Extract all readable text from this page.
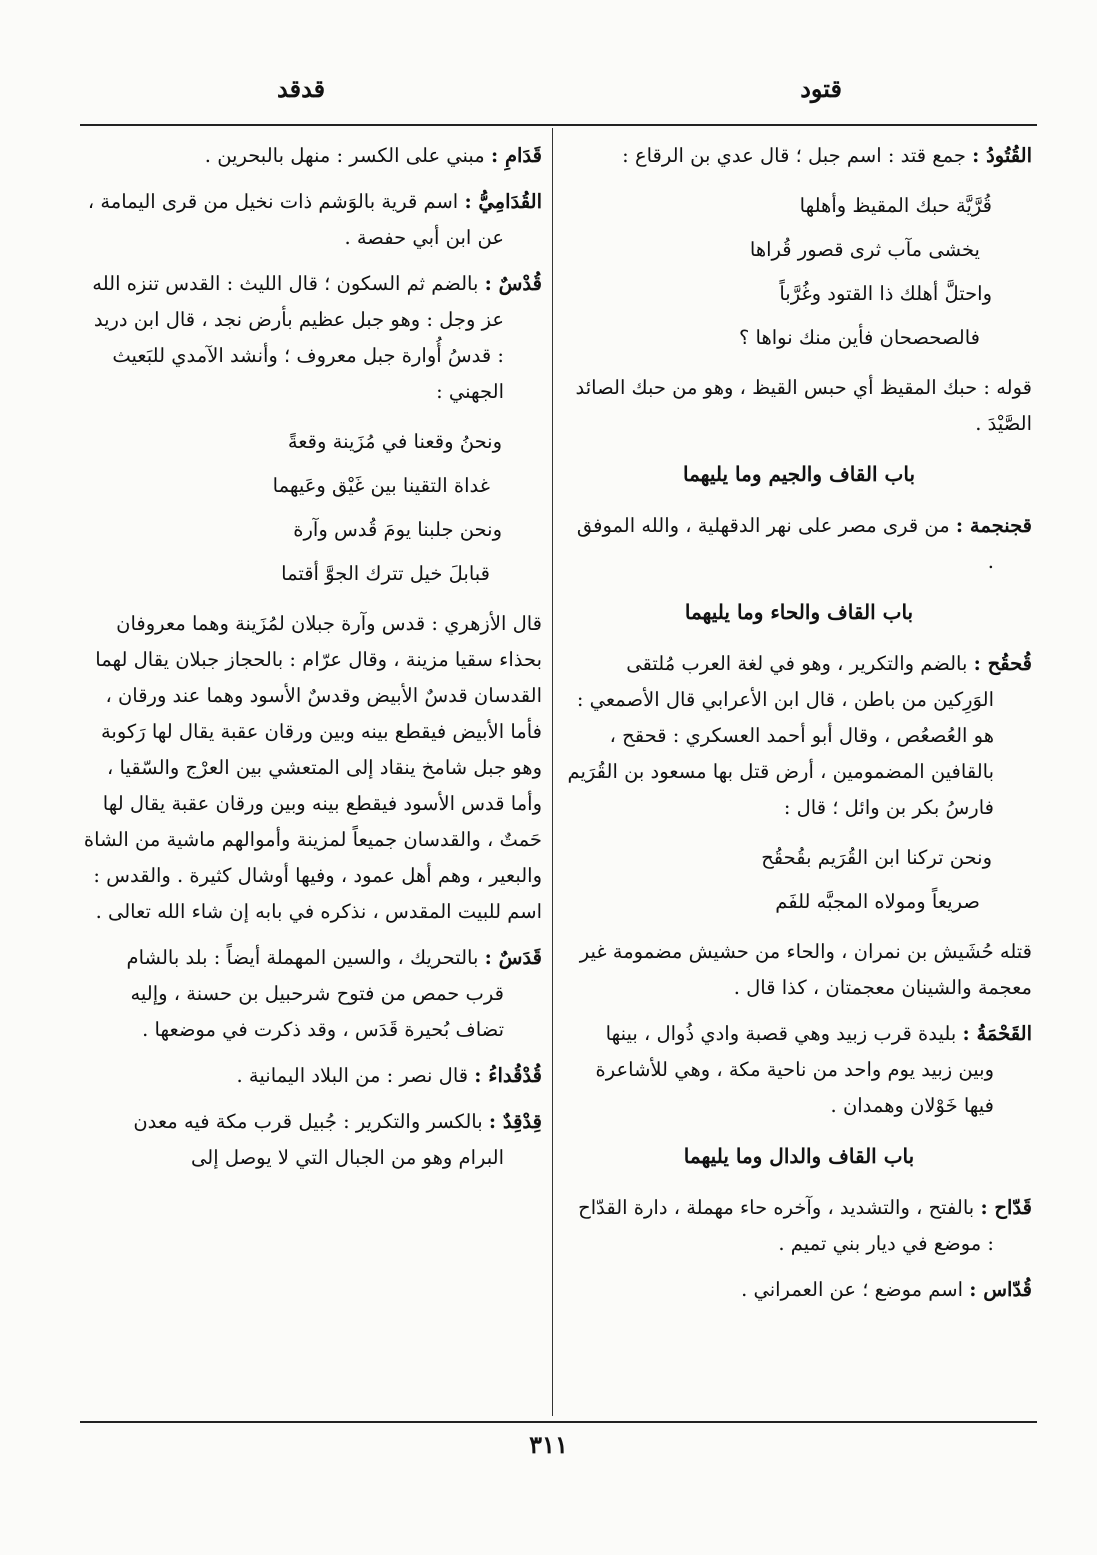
قتود
قدقد

القُتُودُ : جمع قتد : اسم جبل ؛ قال عدي بن الرقاع :

قُرَّيَّة حبك المقيظ وأهلها
يخشى مآب ثرى قصور قُراها
واحتلَّ أهلك ذا القتود وغُرَّباً
فالصحصحان فأين منك نواها ؟

قوله : حبك المقيظ أي حبس القيظ ، وهو من حبك الصائد الصَّيْدَ .

باب القاف والجيم وما يليهما

قجنجمة : من قرى مصر على نهر الدقهلية ، والله الموفق .

باب القاف والحاء وما يليهما

قُحقُح : بالضم والتكرير ، وهو في لغة العرب مُلتقى الوَرِكين من باطن ، قال ابن الأعرابي قال الأصمعي : هو العُصعُص ، وقال أبو أحمد العسكري : قحقح ، بالقافين المضمومين ، أرض قتل بها مسعود بن القُرَيم فارسُ بكر بن وائل ؛ قال :

ونحن تركنا ابن القُرَيم بقُحقُح
صريعاً ومولاه المجبَّه للفَم

قتله حُشَيش بن نمران ، والحاء من حشيش مضمومة غير معجمة والشينان معجمتان ، كذا قال .

القَحْمَةُ : بليدة قرب زبيد وهي قصبة وادي ذُوال ، بينها وبين زبيد يوم واحد من ناحية مكة ، وهي للأشاعرة فيها خَوْلان وهمدان .

باب القاف والدال وما يليهما

قَدّاح : بالفتح ، والتشديد ، وآخره حاء مهملة ، دارة القدّاح : موضع في ديار بني تميم .

قُدّاس : اسم موضع ؛ عن العمراني .

قَدَامِ : مبني على الكسر : منهل بالبحرين .

القُدَامِيُّ : اسم قرية بالوَشم ذات نخيل من قرى اليمامة ، عن ابن أبي حفصة .

قُدْسٌ : بالضم ثم السكون ؛ قال الليث : القدس تنزه الله عز وجل : وهو جبل عظيم بأرض نجد ، قال ابن دريد : قدسُ أُوارة جبل معروف ؛ وأنشد الآمدي للبَعيث الجهني :

ونحنُ وقعنا في مُزَينة وقعةً
غداة التقينا بين غَيْق وعَيهما
ونحن جلبنا يومَ قُدس وآرة
قبابلَ خيل تترك الجوَّ أقتما

قال الأزهري : قدس وآرة جبلان لمُزَينة وهما معروفان بحذاء سقيا مزينة ، وقال عرّام : بالحجاز جبلان يقال لهما القدسان قدسٌ الأبيض وقدسٌ الأسود وهما عند ورقان ، فأما الأبيض فيقطع بينه وبين ورقان عقبة يقال لها رَكوبة وهو جبل شامخ ينقاد إلى المتعشي بين العرْج والسّقيا ، وأما قدس الأسود فيقطع بينه وبين ورقان عقبة يقال لها حَمتٌ ، والقدسان جميعاً لمزينة وأموالهم ماشية من الشاة والبعير ، وهم أهل عمود ، وفيها أوشال كثيرة . والقدس : اسم للبيت المقدس ، نذكره في بابه إن شاء الله تعالى .

قَدَسٌ : بالتحريك ، والسين المهملة أيضاً : بلد بالشام قرب حمص من فتوح شرحبيل بن حسنة ، وإليه تضاف بُحيرة قَدَس ، وقد ذكرت في موضعها .

قُدْقُداءُ : قال نصر : من البلاد اليمانية .

قِدْقِدٌ : بالكسر والتكرير : جُبيل قرب مكة فيه معدن البرام وهو من الجبال التي لا يوصل إلى

٣١١
